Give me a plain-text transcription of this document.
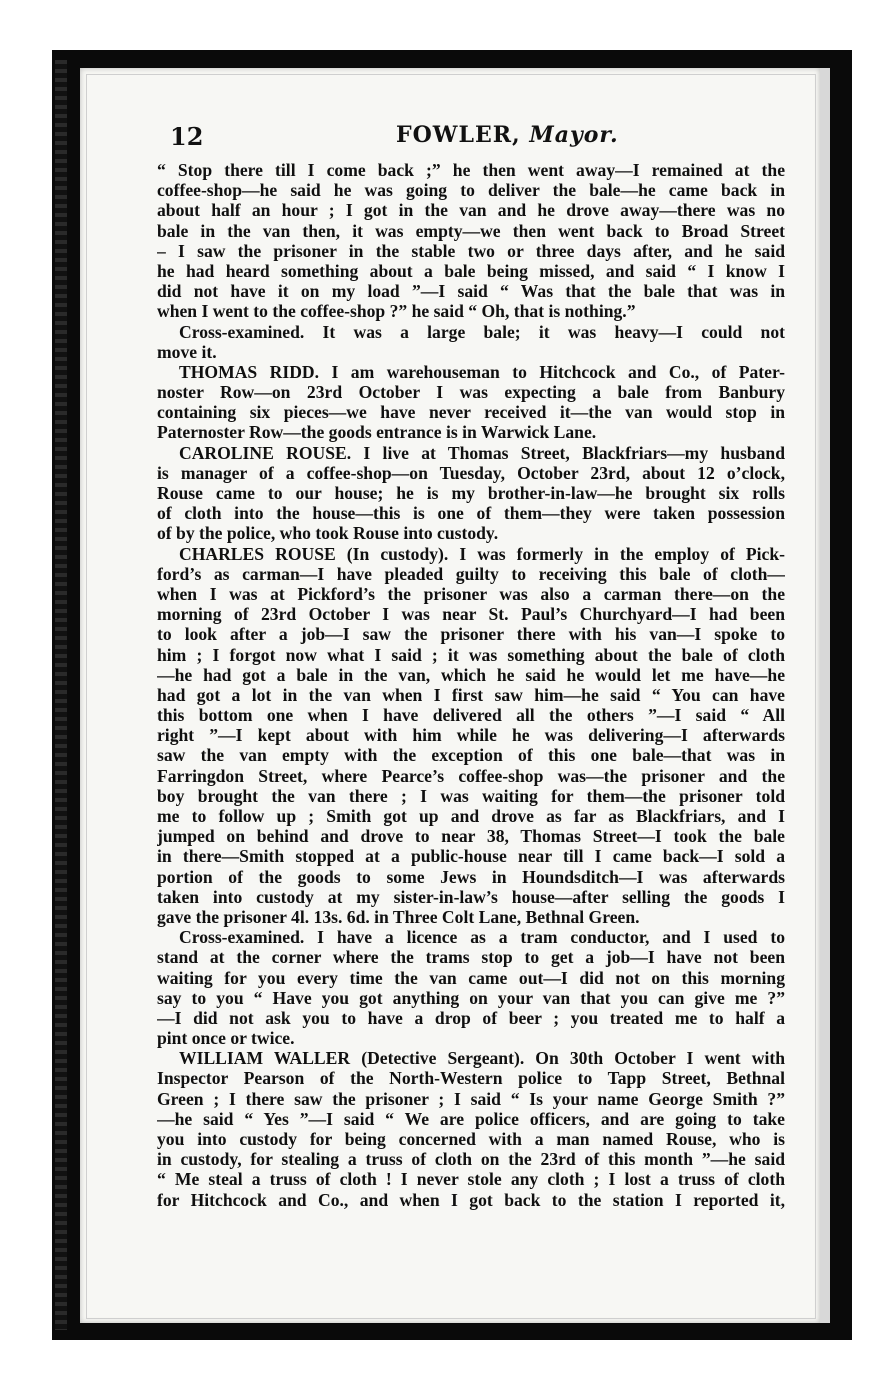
12	FOWLER, Mayor.
“ Stop there till I come back ;” he then went away—I remained at the
coffee-shop—he said he was going to deliver the bale—he came back in
about half an hour ; I got in the van and he drove away—there was no
bale in the van then, it was empty—we then went back to Broad Street
– I saw the prisoner in the stable two or three days after, and he said
he had heard something about a bale being missed, and said “ I know I
did not have it on my load ”—I said “ Was that the bale that was in
when I went to the coffee-shop ?” he said “ Oh, that is nothing.”
Cross-examined. It was a large bale; it was heavy—I could not
move it.
THOMAS RIDD. I am warehouseman to Hitchcock and Co., of Pater-
noster Row—on 23rd October I was expecting a bale from Banbury
containing six pieces—we have never received it—the van would stop in
Paternoster Row—the goods entrance is in Warwick Lane.
CAROLINE ROUSE. I live at Thomas Street, Blackfriars—my husband
is manager of a coffee-shop—on Tuesday, October 23rd, about 12 o’clock,
Rouse came to our house; he is my brother-in-law—he brought six rolls
of cloth into the house—this is one of them—they were taken possession
of by the police, who took Rouse into custody.
CHARLES ROUSE (In custody). I was formerly in the employ of Pick-
ford’s as carman—I have pleaded guilty to receiving this bale of cloth—
when I was at Pickford’s the prisoner was also a carman there—on the
morning of 23rd October I was near St. Paul’s Churchyard—I had been
to look after a job—I saw the prisoner there with his van—I spoke to
him ; I forgot now what I said ; it was something about the bale of cloth
—he had got a bale in the van, which he said he would let me have—he
had got a lot in the van when I first saw him—he said “ You can have
this bottom one when I have delivered all the others ”—I said “ All
right ”—I kept about with him while he was delivering—I afterwards
saw the van empty with the exception of this one bale—that was in
Farringdon Street, where Pearce’s coffee-shop was—the prisoner and the
boy brought the van there ; I was waiting for them—the prisoner told
me to follow up ; Smith got up and drove as far as Blackfriars, and I
jumped on behind and drove to near 38, Thomas Street—I took the bale
in there—Smith stopped at a public-house near till I came back—I sold a
portion of the goods to some Jews in Houndsditch—I was afterwards
taken into custody at my sister-in-law’s house—after selling the goods I
gave the prisoner 4l. 13s. 6d. in Three Colt Lane, Bethnal Green.
Cross-examined. I have a licence as a tram conductor, and I used to
stand at the corner where the trams stop to get a job—I have not been
waiting for you every time the van came out—I did not on this morning
say to you “ Have you got anything on your van that you can give me ?”
—I did not ask you to have a drop of beer ; you treated me to half a
pint once or twice.
WILLIAM WALLER (Detective Sergeant). On 30th October I went with
Inspector Pearson of the North-Western police to Tapp Street, Bethnal
Green ; I there saw the prisoner ; I said “ Is your name George Smith ?”
—he said “ Yes ”—I said “ We are police officers, and are going to take
you into custody for being concerned with a man named Rouse, who is
in custody, for stealing a truss of cloth on the 23rd of this month ”—he said
“ Me steal a truss of cloth ! I never stole any cloth ; I lost a truss of cloth
for Hitchcock and Co., and when I got back to the station I reported it,
